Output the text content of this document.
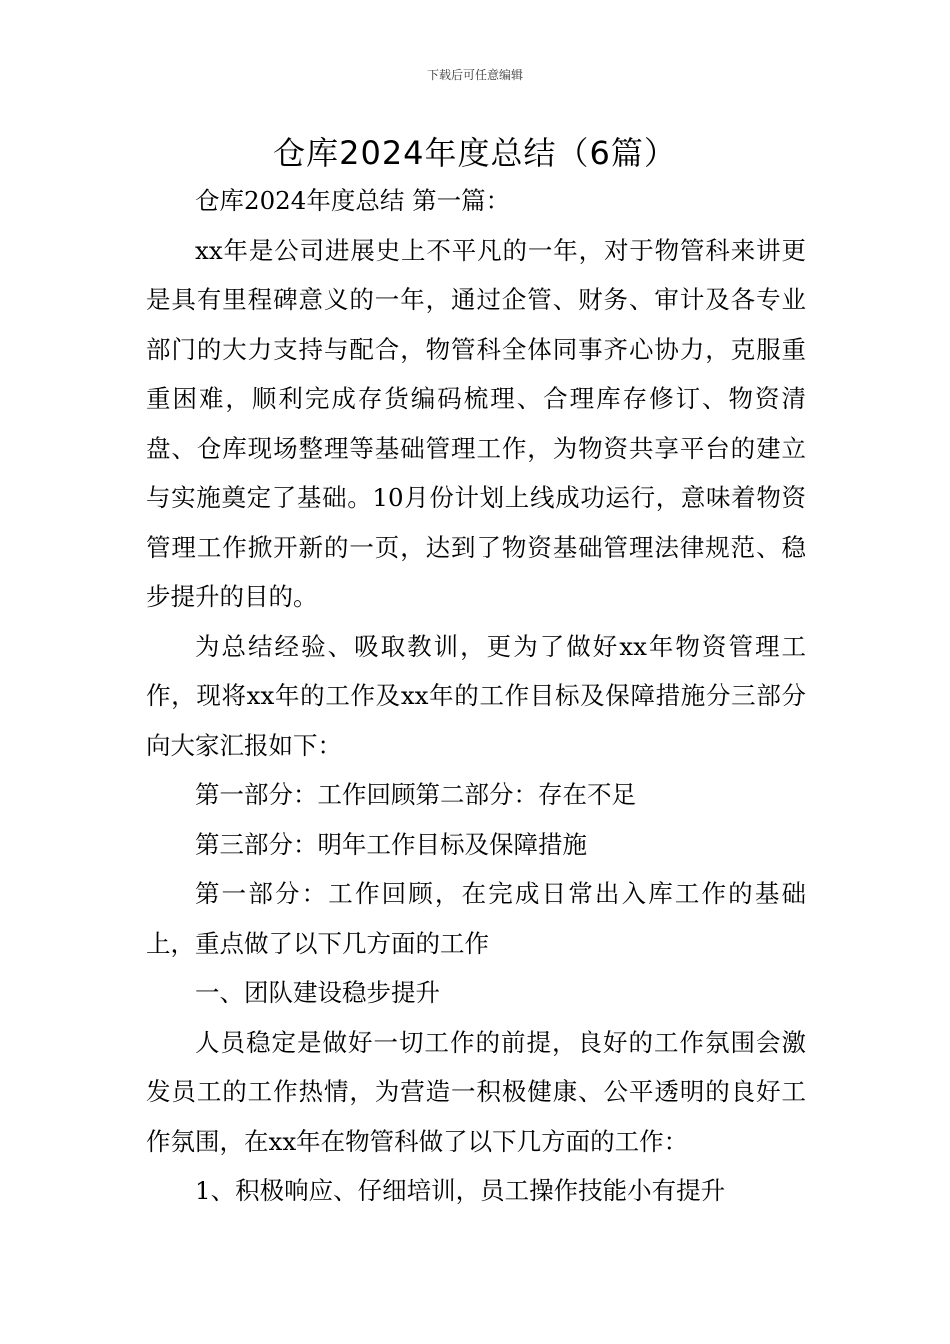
下载后可任意编辑
仓库2024年度总结（6篇）

仓库2024年度总结 第一篇：

xx年是公司进展史上不平凡的一年，对于物管科来讲更是具有里程碑意义的一年，通过企管、财务、审计及各专业部门的大力支持与配合，物管科全体同事齐心协力，克服重重困难，顺利完成存货编码梳理、合理库存修订、物资清盘、仓库现场整理等基础管理工作，为物资共享平台的建立与实施奠定了基础。10月份计划上线成功运行，意味着物资管理工作掀开新的一页，达到了物资基础管理法律规范、稳步提升的目的。

为总结经验、吸取教训，更为了做好xx年物资管理工作，现将xx年的工作及xx年的工作目标及保障措施分三部分向大家汇报如下：

第一部分：工作回顾第二部分：存在不足

第三部分：明年工作目标及保障措施

第一部分：工作回顾，在完成日常出入库工作的基础上，重点做了以下几方面的工作

一、团队建设稳步提升

人员稳定是做好一切工作的前提，良好的工作氛围会激发员工的工作热情，为营造一积极健康、公平透明的良好工作氛围，在xx年在物管科做了以下几方面的工作：

1、积极响应、仔细培训，员工操作技能小有提升
